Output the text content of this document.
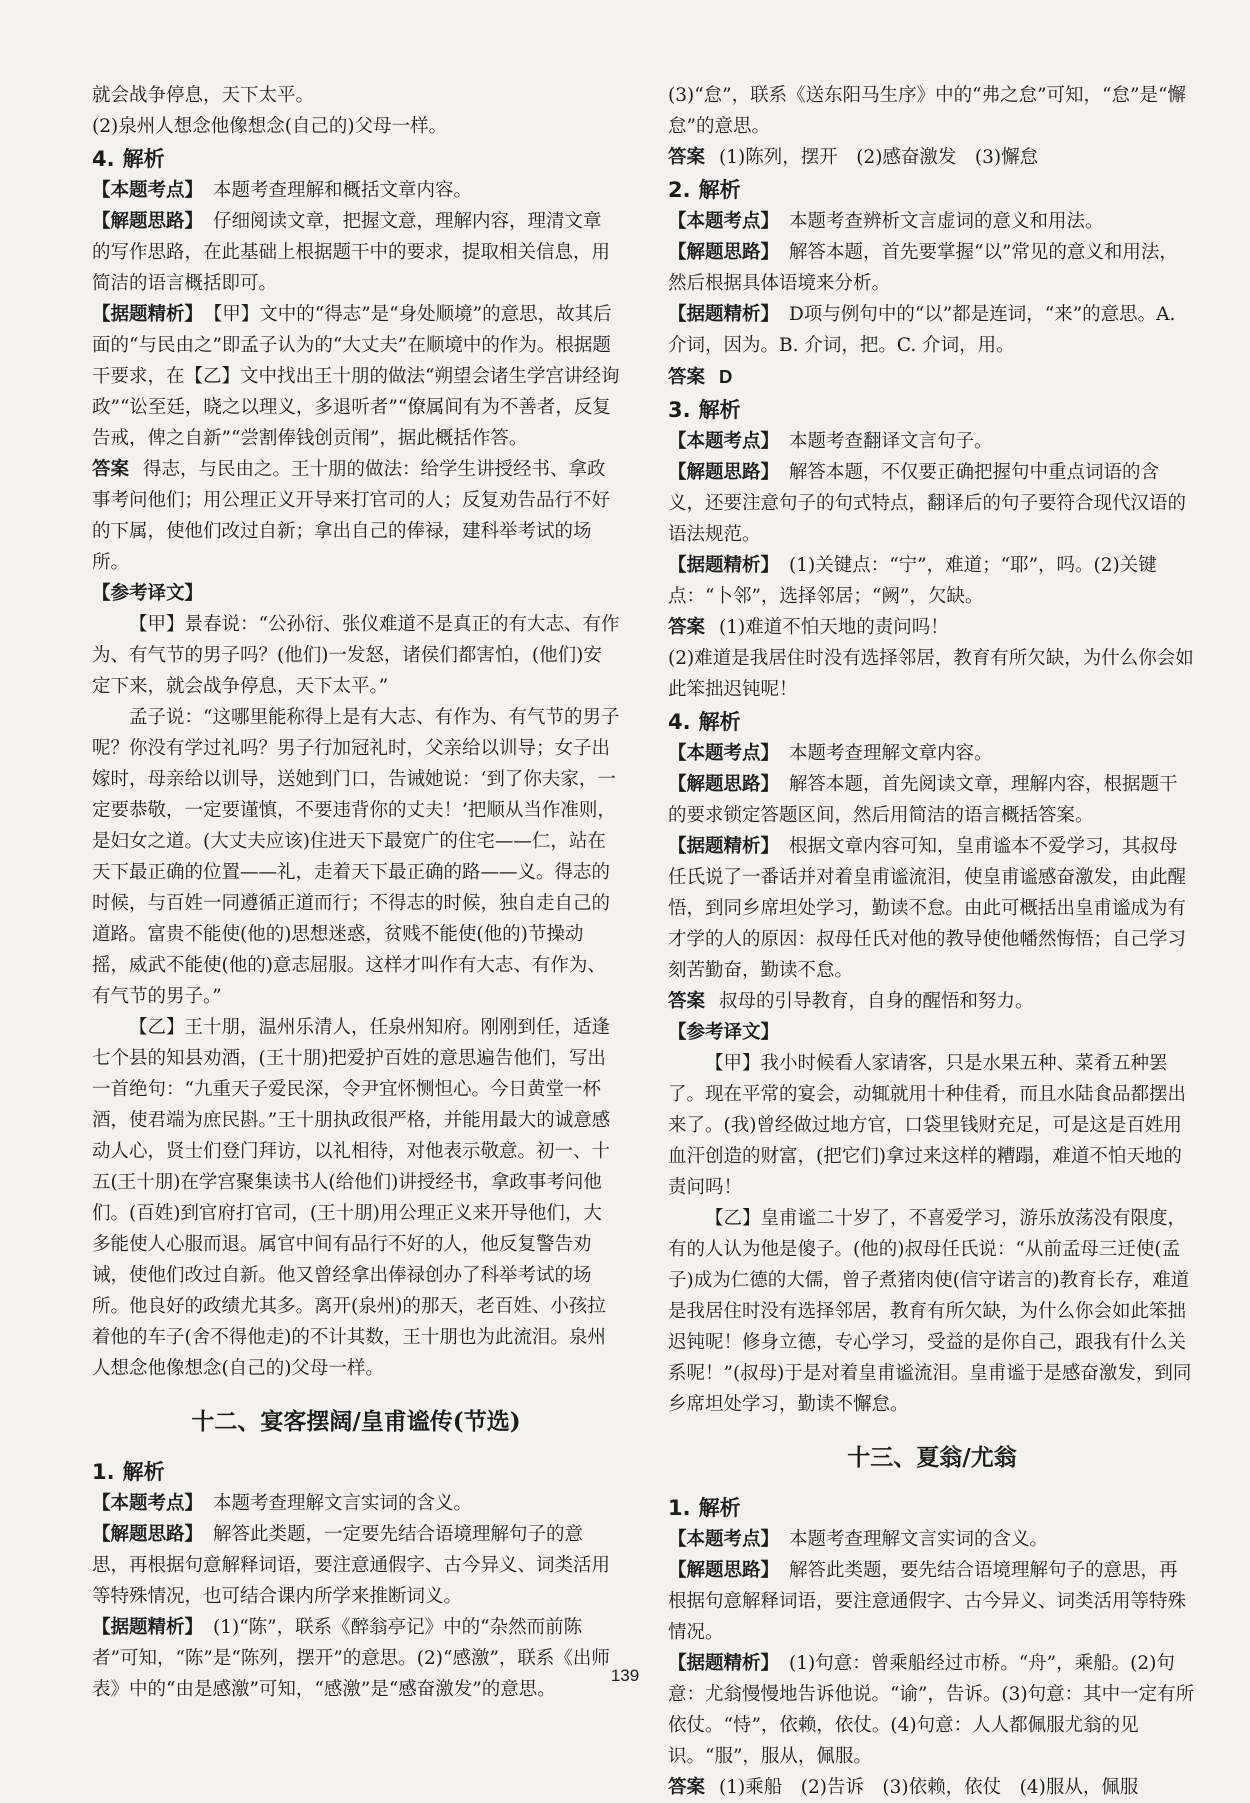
就会战争停息，天下太平。

(2)泉州人想念他像想念(自己的)父母一样。

4. 解析

【本题考点】 本题考查理解和概括文章内容。

【解题思路】 仔细阅读文章，把握文意，理解内容，理清文章的写作思路，在此基础上根据题干中的要求，提取相关信息，用简洁的语言概括即可。

【据题精析】 【甲】文中的“得志”是“身处顺境”的意思，故其后面的“与民由之”即孟子认为的“大丈夫”在顺境中的作为。根据题干要求，在【乙】文中找出王十朋的做法“朔望会诸生学宫讲经询政”“讼至廷，晓之以理义，多退听者”“僚属间有为不善者，反复告戒，俾之自新”“尝割俸钱创贡闱”，据此概括作答。

答案 得志，与民由之。王十朋的做法：给学生讲授经书、拿政事考问他们；用公理正义开导来打官司的人；反复劝告品行不好的下属，使他们改过自新；拿出自己的俸禄，建科举考试的场所。

【参考译文】

【甲】景春说：“公孙衍、张仪难道不是真正的有大志、有作为、有气节的男子吗？(他们)一发怒，诸侯们都害怕，(他们)安定下来，就会战争停息，天下太平。”

孟子说：“这哪里能称得上是有大志、有作为、有气节的男子呢？你没有学过礼吗？男子行加冠礼时，父亲给以训导；女子出嫁时，母亲给以训导，送她到门口，告诫她说：‘到了你夫家，一定要恭敬，一定要谨慎，不要违背你的丈夫！’把顺从当作准则，是妇女之道。(大丈夫应该)住进天下最宽广的住宅——仁，站在天下最正确的位置——礼，走着天下最正确的路——义。得志的时候，与百姓一同遵循正道而行；不得志的时候，独自走自己的道路。富贵不能使(他的)思想迷惑，贫贱不能使(他的)节操动摇，威武不能使(他的)意志屈服。这样才叫作有大志、有作为、有气节的男子。”

【乙】王十朋，温州乐清人，任泉州知府。刚刚到任，适逢七个县的知县劝酒，(王十朋)把爱护百姓的意思遍告他们，写出一首绝句：“九重天子爱民深，令尹宜怀恻怛心。今日黄堂一杯酒，使君端为庶民斟。”王十朋执政很严格，并能用最大的诚意感动人心，贤士们登门拜访，以礼相待，对他表示敬意。初一、十五(王十朋)在学宫聚集读书人(给他们)讲授经书，拿政事考问他们。(百姓)到官府打官司，(王十朋)用公理正义来开导他们，大多能使人心服而退。属官中间有品行不好的人，他反复警告劝诫，使他们改过自新。他又曾经拿出俸禄创办了科举考试的场所。他良好的政绩尤其多。离开(泉州)的那天，老百姓、小孩拉着他的车子(舍不得他走)的不计其数，王十朋也为此流泪。泉州人想念他像想念(自己的)父母一样。

十二、宴客摆阔/皇甫谧传(节选)
1. 解析

【本题考点】 本题考查理解文言实词的含义。

【解题思路】 解答此类题，一定要先结合语境理解句子的意思，再根据句意解释词语，要注意通假字、古今异义、词类活用等特殊情况，也可结合课内所学来推断词义。

【据题精析】 (1)“陈”，联系《醉翁亭记》中的“杂然而前陈者”可知，“陈”是“陈列，摆开”的意思。(2)“感激”，联系《出师表》中的“由是感激”可知，“感激”是“感奋激发”的意思。

(3)“怠”，联系《送东阳马生序》中的“弗之怠”可知，“怠”是“懈怠”的意思。

答案 (1)陈列，摆开　(2)感奋激发　(3)懈怠

2. 解析

【本题考点】 本题考查辨析文言虚词的意义和用法。

【解题思路】 解答本题，首先要掌握“以”常见的意义和用法，然后根据具体语境来分析。

【据题精析】 D项与例句中的“以”都是连词，“来”的意思。A. 介词，因为。B. 介词，把。C. 介词，用。

答案 D

3. 解析

【本题考点】 本题考查翻译文言句子。

【解题思路】 解答本题，不仅要正确把握句中重点词语的含义，还要注意句子的句式特点，翻译后的句子要符合现代汉语的语法规范。

【据题精析】 (1)关键点：“宁”，难道；“耶”，吗。(2)关键点：“卜邻”，选择邻居；“阙”，欠缺。

答案 (1)难道不怕天地的责问吗！

(2)难道是我居住时没有选择邻居，教育有所欠缺，为什么你会如此笨拙迟钝呢！

4. 解析

【本题考点】 本题考查理解文章内容。

【解题思路】 解答本题，首先阅读文章，理解内容，根据题干的要求锁定答题区间，然后用简洁的语言概括答案。

【据题精析】 根据文章内容可知，皇甫谧本不爱学习，其叔母任氏说了一番话并对着皇甫谧流泪，使皇甫谧感奋激发，由此醒悟，到同乡席坦处学习，勤读不怠。由此可概括出皇甫谧成为有才学的人的原因：叔母任氏对他的教导使他幡然悔悟；自己学习刻苦勤奋，勤读不怠。

答案 叔母的引导教育，自身的醒悟和努力。

【参考译文】

【甲】我小时候看人家请客，只是水果五种、菜肴五种罢了。现在平常的宴会，动辄就用十种佳肴，而且水陆食品都摆出来了。(我)曾经做过地方官，口袋里钱财充足，可是这是百姓用血汗创造的财富，(把它们)拿过来这样的糟蹋，难道不怕天地的责问吗！

【乙】皇甫谧二十岁了，不喜爱学习，游乐放荡没有限度，有的人认为他是傻子。(他的)叔母任氏说：“从前孟母三迁使(孟子)成为仁德的大儒，曾子煮猪肉使(信守诺言的)教育长存，难道是我居住时没有选择邻居，教育有所欠缺，为什么你会如此笨拙迟钝呢！修身立德，专心学习，受益的是你自己，跟我有什么关系呢！”(叔母)于是对着皇甫谧流泪。皇甫谧于是感奋激发，到同乡席坦处学习，勤读不懈怠。

十三、夏翁/尤翁
1. 解析

【本题考点】 本题考查理解文言实词的含义。

【解题思路】 解答此类题，要先结合语境理解句子的意思，再根据句意解释词语，要注意通假字、古今异义、词类活用等特殊情况。

【据题精析】 (1)句意：曾乘船经过市桥。“舟”，乘船。(2)句意：尤翁慢慢地告诉他说。“谕”，告诉。(3)句意：其中一定有所依仗。“恃”，依赖，依仗。(4)句意：人人都佩服尤翁的见识。“服”，服从，佩服。

答案 (1)乘船　(2)告诉　(3)依赖，依仗　(4)服从，佩服

139
